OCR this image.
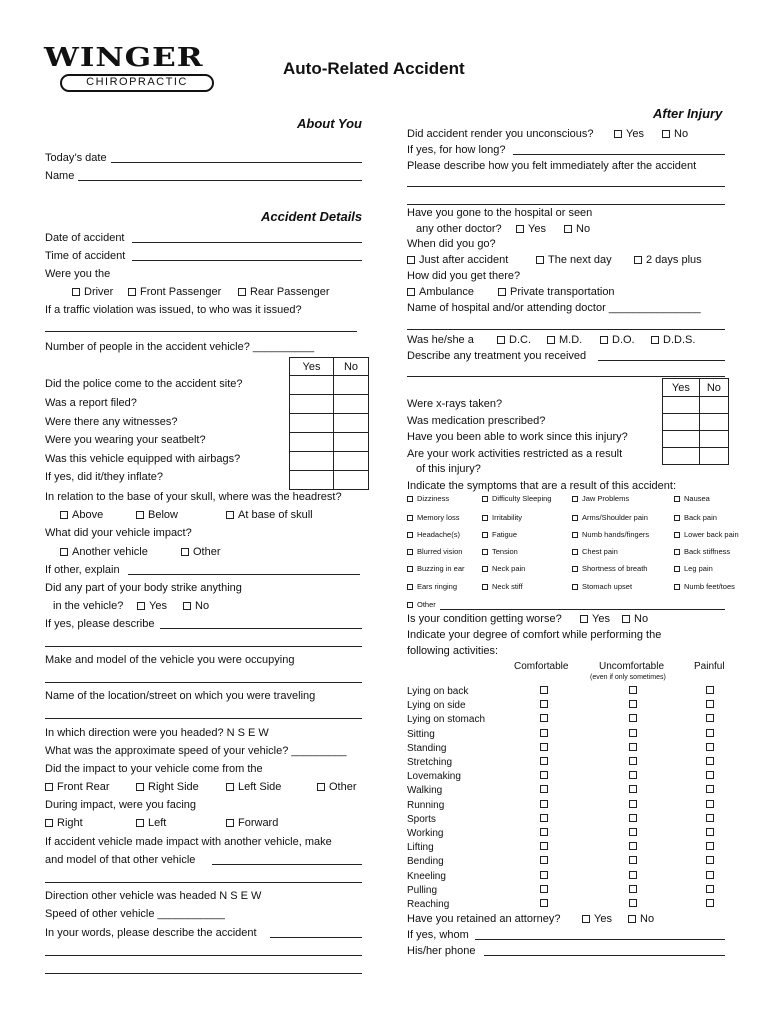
WINGER
CHIROPRACTIC
Auto-Related Accident
About You
Today’s date
Name
Accident Details
Date of accident
Time of accident
Were you the
Driver	Front Passenger	Rear Passenger
If a traffic violation was issued, to who was it issued?
Number of people in the accident vehicle? __________
Yes	No

Did the police come to the accident site?
Was a report filed?
Were there any witnesses?
Were you wearing your seatbelt?
Was this vehicle equipped with airbags?
If yes, did it/they inflate?
In relation to the base of your skull, where was the headrest?
Above	Below	At base of skull
What did your vehicle impact?
Another vehicle	Other
If other, explain
Did any part of your body strike anything
in the vehicle?	Yes	No
If yes, please describe
Make and model of the vehicle you were occupying
Name of the location/street on which you were traveling
In which direction were you headed? N S E W
What was the approximate speed of your vehicle? _________
Did the impact to your vehicle come from the
Front Rear	Right Side	Left Side	Other
During impact, were you facing
Right	Left	Forward
If accident vehicle made impact with another vehicle, make
and model of that other vehicle
Direction other vehicle was headed N S E W
Speed of other vehicle ___________
In your words, please describe the accident
After Injury
Did accident render you unconscious?	Yes	No
If yes, for how long?
Please describe how you felt immediately after the accident
Have you gone to the hospital or seen
any other doctor?	Yes	No
When did you go?
Just after accident	The next day	2 days plus
How did you get there?
Ambulance	Private transportation
Name of hospital and/or attending doctor _______________
Was he/she a	D.C.	M.D.	D.O.	D.D.S.
Describe any treatment you received
Yes	No

Were x-rays taken?
Was medication prescribed?
Have you been able to work since this injury?
Are your work activities restricted as a result
of this injury?
Indicate the symptoms that are a result of this accident:
Dizziness	Difficulty Sleeping	Jaw Problems	Nausea
Memory loss	Irritability	Arms/Shoulder pain	Back pain
Headache(s)	Fatigue	Numb hands/fingers	Lower back pain
Blurred vision	Tension	Chest pain	Back stiffness
Buzzing in ear	Neck pain	Shortness of breath	Leg pain
Ears ringing	Neck stiff	Stomach upset	Numb feet/toes
Other
Is your condition getting worse?	Yes	No
Indicate your degree of comfort while performing the
following activities:
Comfortable	Uncomfortable	Painful
(even if only sometimes)
Lying on back
Lying on side
Lying on stomach
Sitting
Standing
Stretching
Lovemaking
Walking
Running
Sports
Working
Lifting
Bending
Kneeling
Pulling
Reaching
Have you retained an attorney?	Yes	No
If yes, whom
His/her phone
